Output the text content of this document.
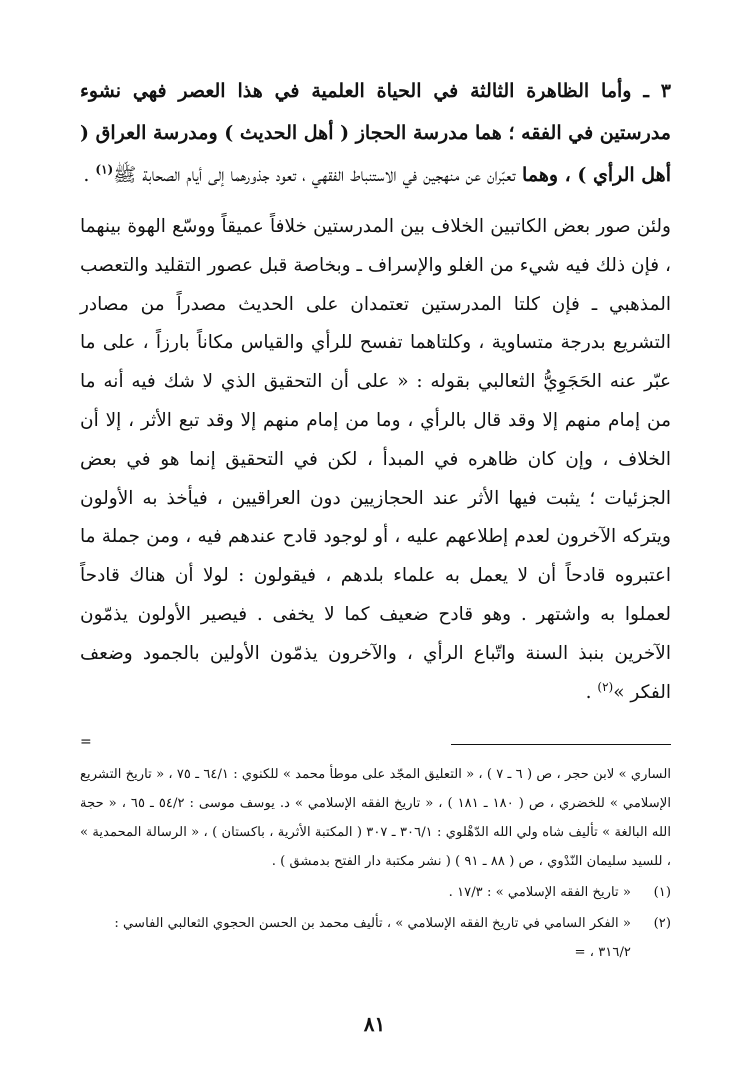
٣ ـ وأما الظاهرة الثالثة في الحياة العلمية في هذا العصر فهي نشوء مدرستين في الفقه ؛ هما مدرسة الحجاز ( أهل الحديث ) ومدرسة العراق ( أهل الرأي ) ، وهما تعبّران عن منهجين في الاستنباط الفقهي ، تعود جذورهما إلى أيام الصحابة ﷺ$^{(١)}$ .

ولئن صور بعض الكاتبين الخلاف بين المدرستين خلافاً عميقاً ووسّع الهوة بينهما ، فإن ذلك فيه شيء من الغلو والإسراف ـ وبخاصة قبل عصور التقليد والتعصب المذهبي ـ فإن كلتا المدرستين تعتمدان على الحديث مصدراً من مصادر التشريع بدرجة متساوية ، وكلتاهما تفسح للرأي والقياس مكاناً بارزاً ، على ما عبّر عنه الحَجَوِيُّ الثعالبي بقوله : « على أن التحقيق الذي لا شك فيه أنه ما من إمام منهم إلا وقد قال بالرأي ، وما من إمام منهم إلا وقد تبع الأثر ، إلا أن الخلاف ، وإن كان ظاهره في المبدأ ، لكن في التحقيق إنما هو في بعض الجزئيات ؛ يثبت فيها الأثر عند الحجازيين دون العراقيين ، فيأخذ به الأولون ويتركه الآخرون لعدم إطلاعهم عليه ، أو لوجود قادح عندهم فيه ، ومن جملة ما اعتبروه قادحاً أن لا يعمل به علماء بلدهم ، فيقولون : لولا أن هناك قادحاً لعملوا به واشتهر . وهو قادح ضعيف كما لا يخفى . فيصير الأولون يذمّون الآخرين بنبذ السنة واتّباع الرأي ، والآخرون يذمّون الأولين بالجمود وضعف الفكر »$^{(٢)}$ .

=

الساري » لابن حجر ، ص ( ٦ ـ ٧ ) ، « التعليق المجّد على موطأ محمد » للكنوي : ٦٤/١ ـ ٧٥ ، « تاريخ التشريع الإسلامي » للخضري ، ص ( ١٨٠ ـ ١٨١ ) ، « تاريخ الفقه الإسلامي » د. يوسف موسى : ٥٤/٢ ـ ٦٥ ، « حجة الله البالغة » تأليف شاه ولي الله الدّهْلوي : ٣٠٦/١ ـ ٣٠٧ ( المكتبة الأثرية ، باكستان ) ، « الرسالة المحمدية » ، للسيد سليمان النّدْوي ، ص ( ٨٨ ـ ٩١ ) ( نشر مكتبة دار الفتح بدمشق ) .

(١)
« تاريخ الفقه الإسلامي » : ١٧/٣ .
(٢)
« الفكر السامي في تاريخ الفقه الإسلامي » ، تأليف محمد بن الحسن الحجوي الثعالبي الفاسي : ٣١٦/٢ ، =
٨١
